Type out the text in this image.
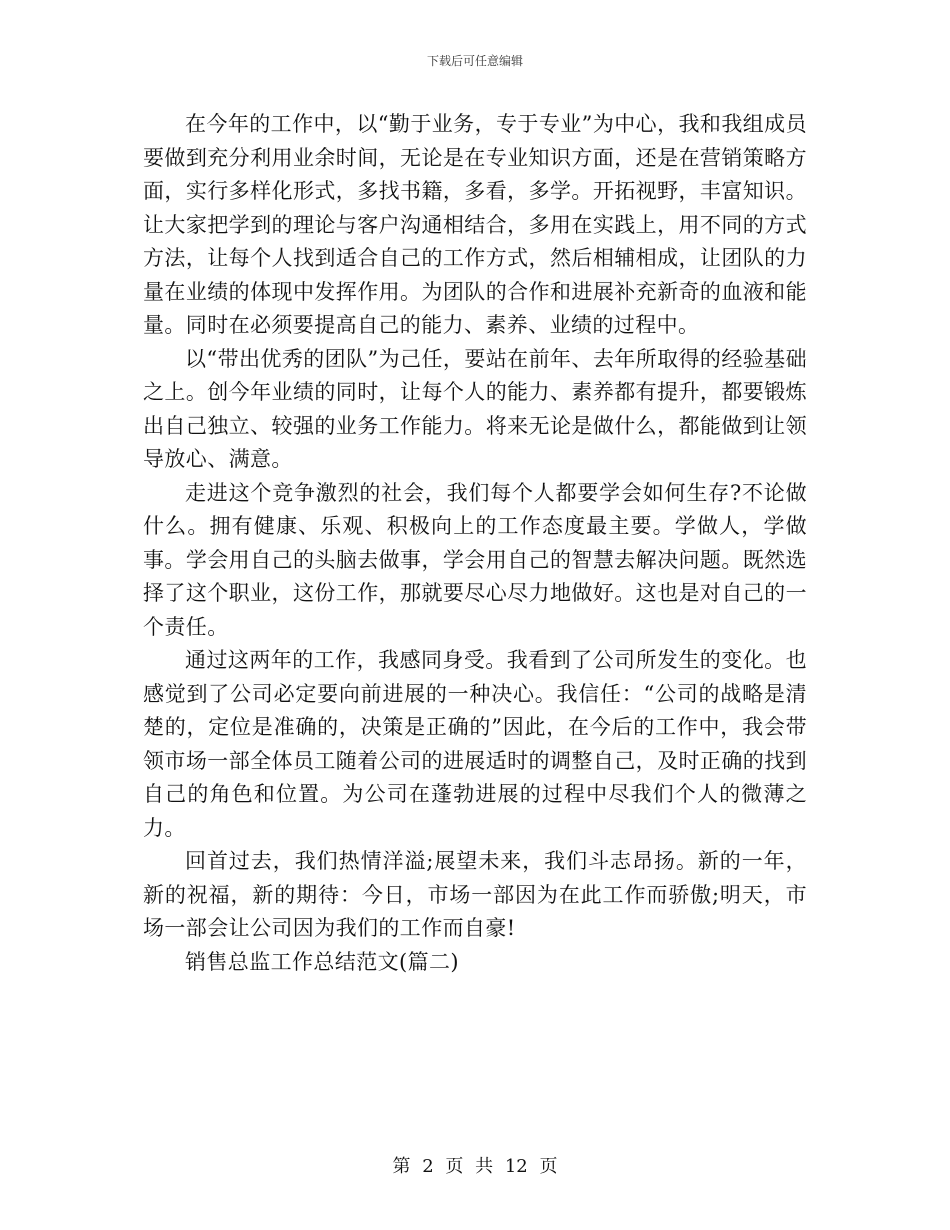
下载后可任意编辑

在今年的工作中，以“勤于业务，专于专业”为中心，我和我组成员要做到充分利用业余时间，无论是在专业知识方面，还是在营销策略方面，实行多样化形式，多找书籍，多看，多学。开拓视野，丰富知识。让大家把学到的理论与客户沟通相结合，多用在实践上，用不同的方式方法，让每个人找到适合自己的工作方式，然后相辅相成，让团队的力量在业绩的体现中发挥作用。为团队的合作和进展补充新奇的血液和能量。同时在必须要提高自己的能力、素养、业绩的过程中。

以“带出优秀的团队”为己任，要站在前年、去年所取得的经验基础之上。创今年业绩的同时，让每个人的能力、素养都有提升，都要锻炼出自己独立、较强的业务工作能力。将来无论是做什么，都能做到让领导放心、满意。

走进这个竞争激烈的社会，我们每个人都要学会如何生存?不论做什么。拥有健康、乐观、积极向上的工作态度最主要。学做人，学做事。学会用自己的头脑去做事，学会用自己的智慧去解决问题。既然选择了这个职业，这份工作，那就要尽心尽力地做好。这也是对自己的一个责任。

通过这两年的工作，我感同身受。我看到了公司所发生的变化。也感觉到了公司必定要向前进展的一种决心。我信任：“公司的战略是清楚的，定位是准确的，决策是正确的”因此，在今后的工作中，我会带领市场一部全体员工随着公司的进展适时的调整自己，及时正确的找到自己的角色和位置。为公司在蓬勃进展的过程中尽我们个人的微薄之力。

回首过去，我们热情洋溢;展望未来，我们斗志昂扬。新的一年，新的祝福，新的期待：今日，市场一部因为在此工作而骄傲;明天，市场一部会让公司因为我们的工作而自豪!

销售总监工作总结范文(篇二)

第 2 页 共 12 页
